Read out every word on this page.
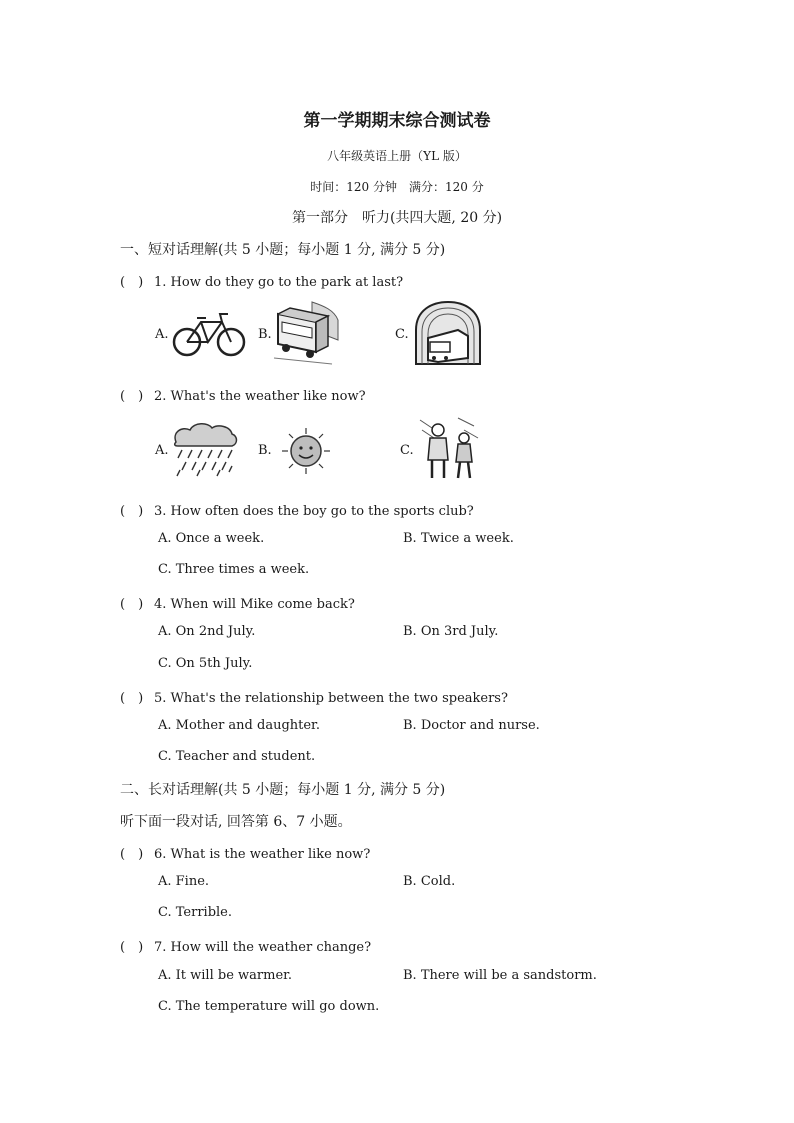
第一学期期末综合测试卷
八年级英语上册（YL 版）
时间：120 分钟　满分：120 分
第一部分　听力(共四大题, 20 分)
一、短对话理解(共 5 小题；每小题 1 分, 满分 5 分)
(　) 1. How do they go to the park at last?
A.	B.	C.
(　) 2. What's the weather like now?
A.	B.	C.
(　) 3. How often does the boy go to the sports club?
A. Once a week.	B. Twice a week.
C. Three times a week.
(　) 4. When will Mike come back?
A. On 2nd July.	B. On 3rd July.
C. On 5th July.
(　) 5. What's the relationship between the two speakers?
A. Mother and daughter.	B. Doctor and nurse.
C. Teacher and student.
二、长对话理解(共 5 小题；每小题 1 分, 满分 5 分)
听下面一段对话, 回答第 6、7 小题。
(　) 6. What is the weather like now?
A. Fine.	B. Cold.
C. Terrible.
(　) 7. How will the weather change?
A. It will be warmer.	B. There will be a sandstorm.
C. The temperature will go down.
